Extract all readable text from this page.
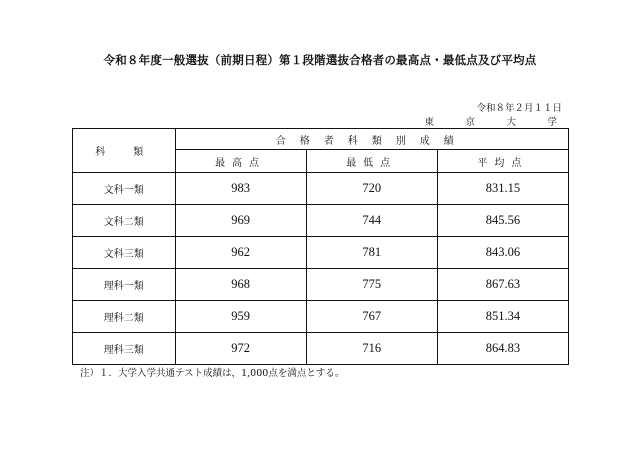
令和８年度一般選抜（前期日程）第１段階選抜合格者の最高点・最低点及び平均点
令和８年２月１１日
東　京　大　学
科　類	合格者科類別成績		
	最高点	最低点	平均点
文科一類	983	720	831.15
文科二類	969	744	845.56
文科三類	962	781	843.06
理科一類	968	775	867.63
理科二類	959	767	851.34
理科三類	972	716	864.83
注）１．大学入学共通テスト成績は，1,000点を満点とする。
